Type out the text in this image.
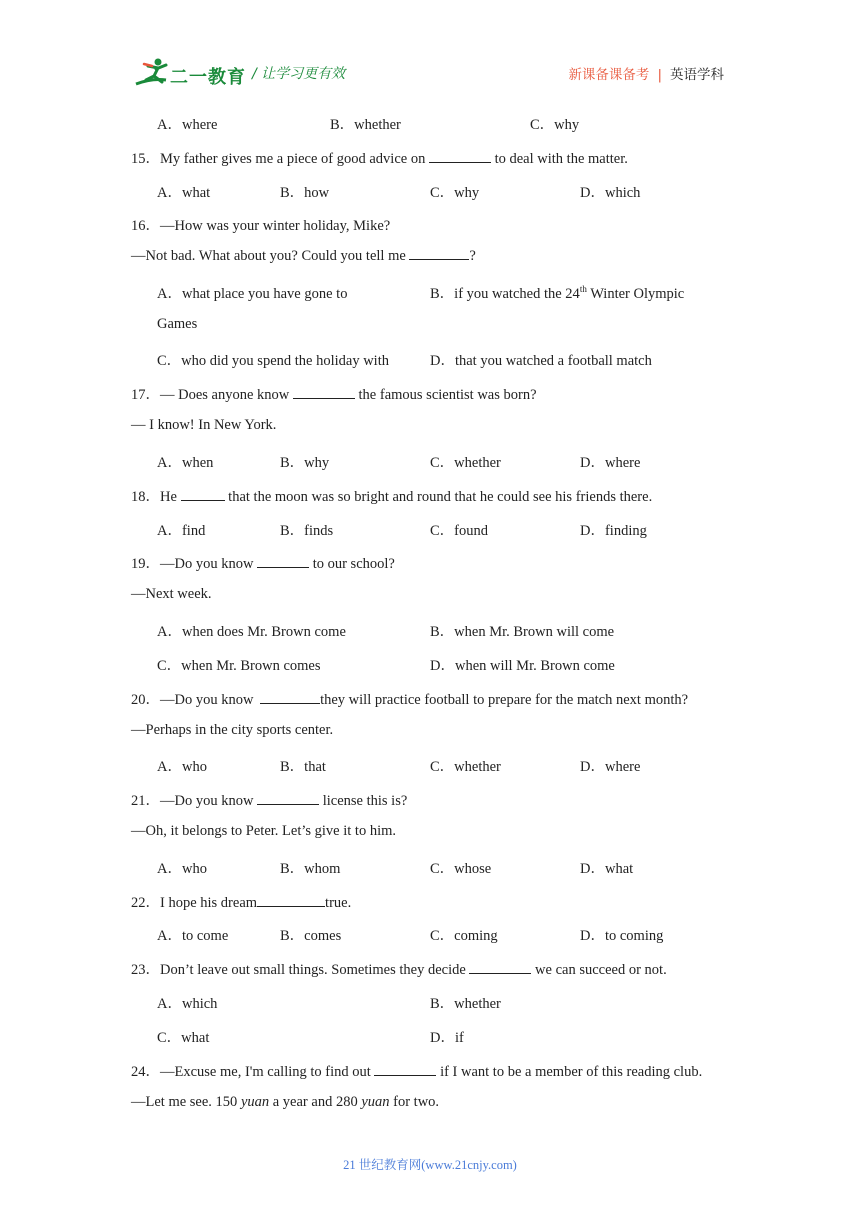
二一教育 / 让学习更有效	新课备课备考 | 英语学科
A．where	B．whether	C．why
15．My father gives me a piece of good advice on	to deal with the matter.
A．what	B．how	C．why	D．which
16．—How was your winter holiday, Mike?
—Not bad. What about you? Could you tell me	?
A．what place you have gone to	B．if you watched the 24th Winter Olympic
Games
C．who did you spend the holiday with	D．that you watched a football match
17．— Does anyone know	the famous scientist was born?
— I know! In New York.
A．when	B．why	C．whether	D．where
18．He	that the moon was so bright and round that he could see his friends there.
A．find	B．finds	C．found	D．finding
19．—Do you know	to our school?
—Next week.
A．when does Mr. Brown come	B．when Mr. Brown will come
C．when Mr. Brown comes	D．when will Mr. Brown come
20．—Do you know	they will practice football to prepare for the match next month?
—Perhaps in the city sports center.
A．who	B．that	C．whether	D．where
21．—Do you know	license this is?
—Oh, it belongs to Peter. Let’s give it to him.
A．who	B．whom	C．whose	D．what
22．I hope his dream	true.
A．to come	B．comes	C．coming	D．to coming
23．Don’t leave out small things. Sometimes they decide	we can succeed or not.
A．which	B．whether
C．what	D．if
24．—Excuse me, I'm calling to find out	if I want to be a member of this reading club.
—Let me see. 150 yuan a year and 280 yuan for two.
21 世纪教育网(www.21cnjy.com)
